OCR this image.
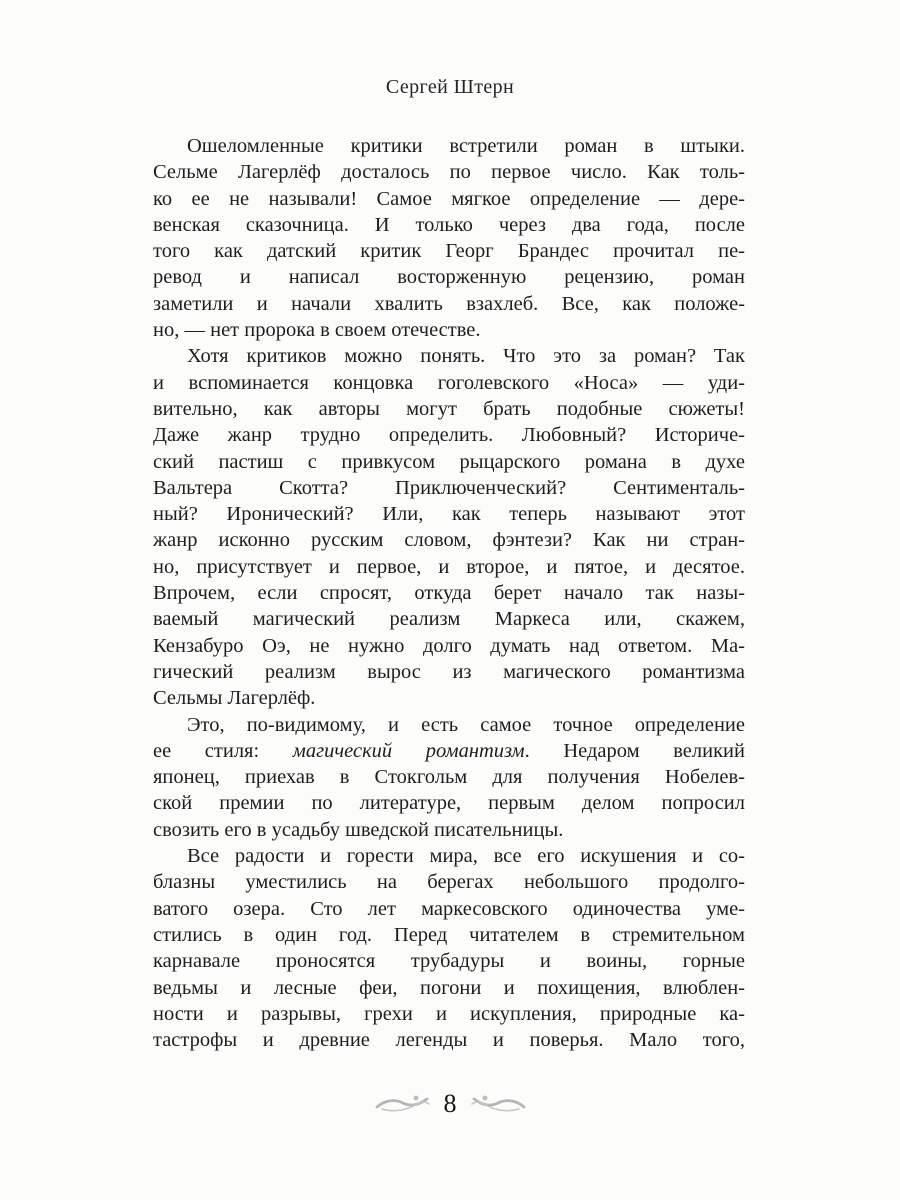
Сергей Штерн
Ошеломленные критики встретили роман в штыки.
Сельме Лагерлёф досталось по первое число. Как толь-
ко ее не называли! Самое мягкое определение — дере-
венская сказочница. И только через два года, после
того как датский критик Георг Брандес прочитал пе-
ревод и написал восторженную рецензию, роман
заметили и начали хвалить взахлеб. Все, как положе-
но, — нет пророка в своем отечестве.
Хотя критиков можно понять. Что это за роман? Так
и вспоминается концовка гоголевского «Носа» — уди-
вительно, как авторы могут брать подобные сюжеты!
Даже жанр трудно определить. Любовный? Историче-
ский пастиш с привкусом рыцарского романа в духе
Вальтера Скотта? Приключенческий? Сентименталь-
ный? Иронический? Или, как теперь называют этот
жанр исконно русским словом, фэнтези? Как ни стран-
но, присутствует и первое, и второе, и пятое, и десятое.
Впрочем, если спросят, откуда берет начало так назы-
ваемый магический реализм Маркеса или, скажем,
Кензабуро Оэ, не нужно долго думать над ответом. Ма-
гический реализм вырос из магического романтизма
Сельмы Лагерлёф.
Это, по-видимому, и есть самое точное определение
ее стиля: магический романтизм. Недаром великий
японец, приехав в Стокгольм для получения Нобелев-
ской премии по литературе, первым делом попросил
свозить его в усадьбу шведской писательницы.
Все радости и горести мира, все его искушения и со-
блазны уместились на берегах небольшого продолго-
ватого озера. Сто лет маркесовского одиночества уме-
стились в один год. Перед читателем в стремительном
карнавале проносятся трубадуры и воины, горные
ведьмы и лесные феи, погони и похищения, влюблен-
ности и разрывы, грехи и искупления, природные ка-
тастрофы и древние легенды и поверья. Мало того,
8
